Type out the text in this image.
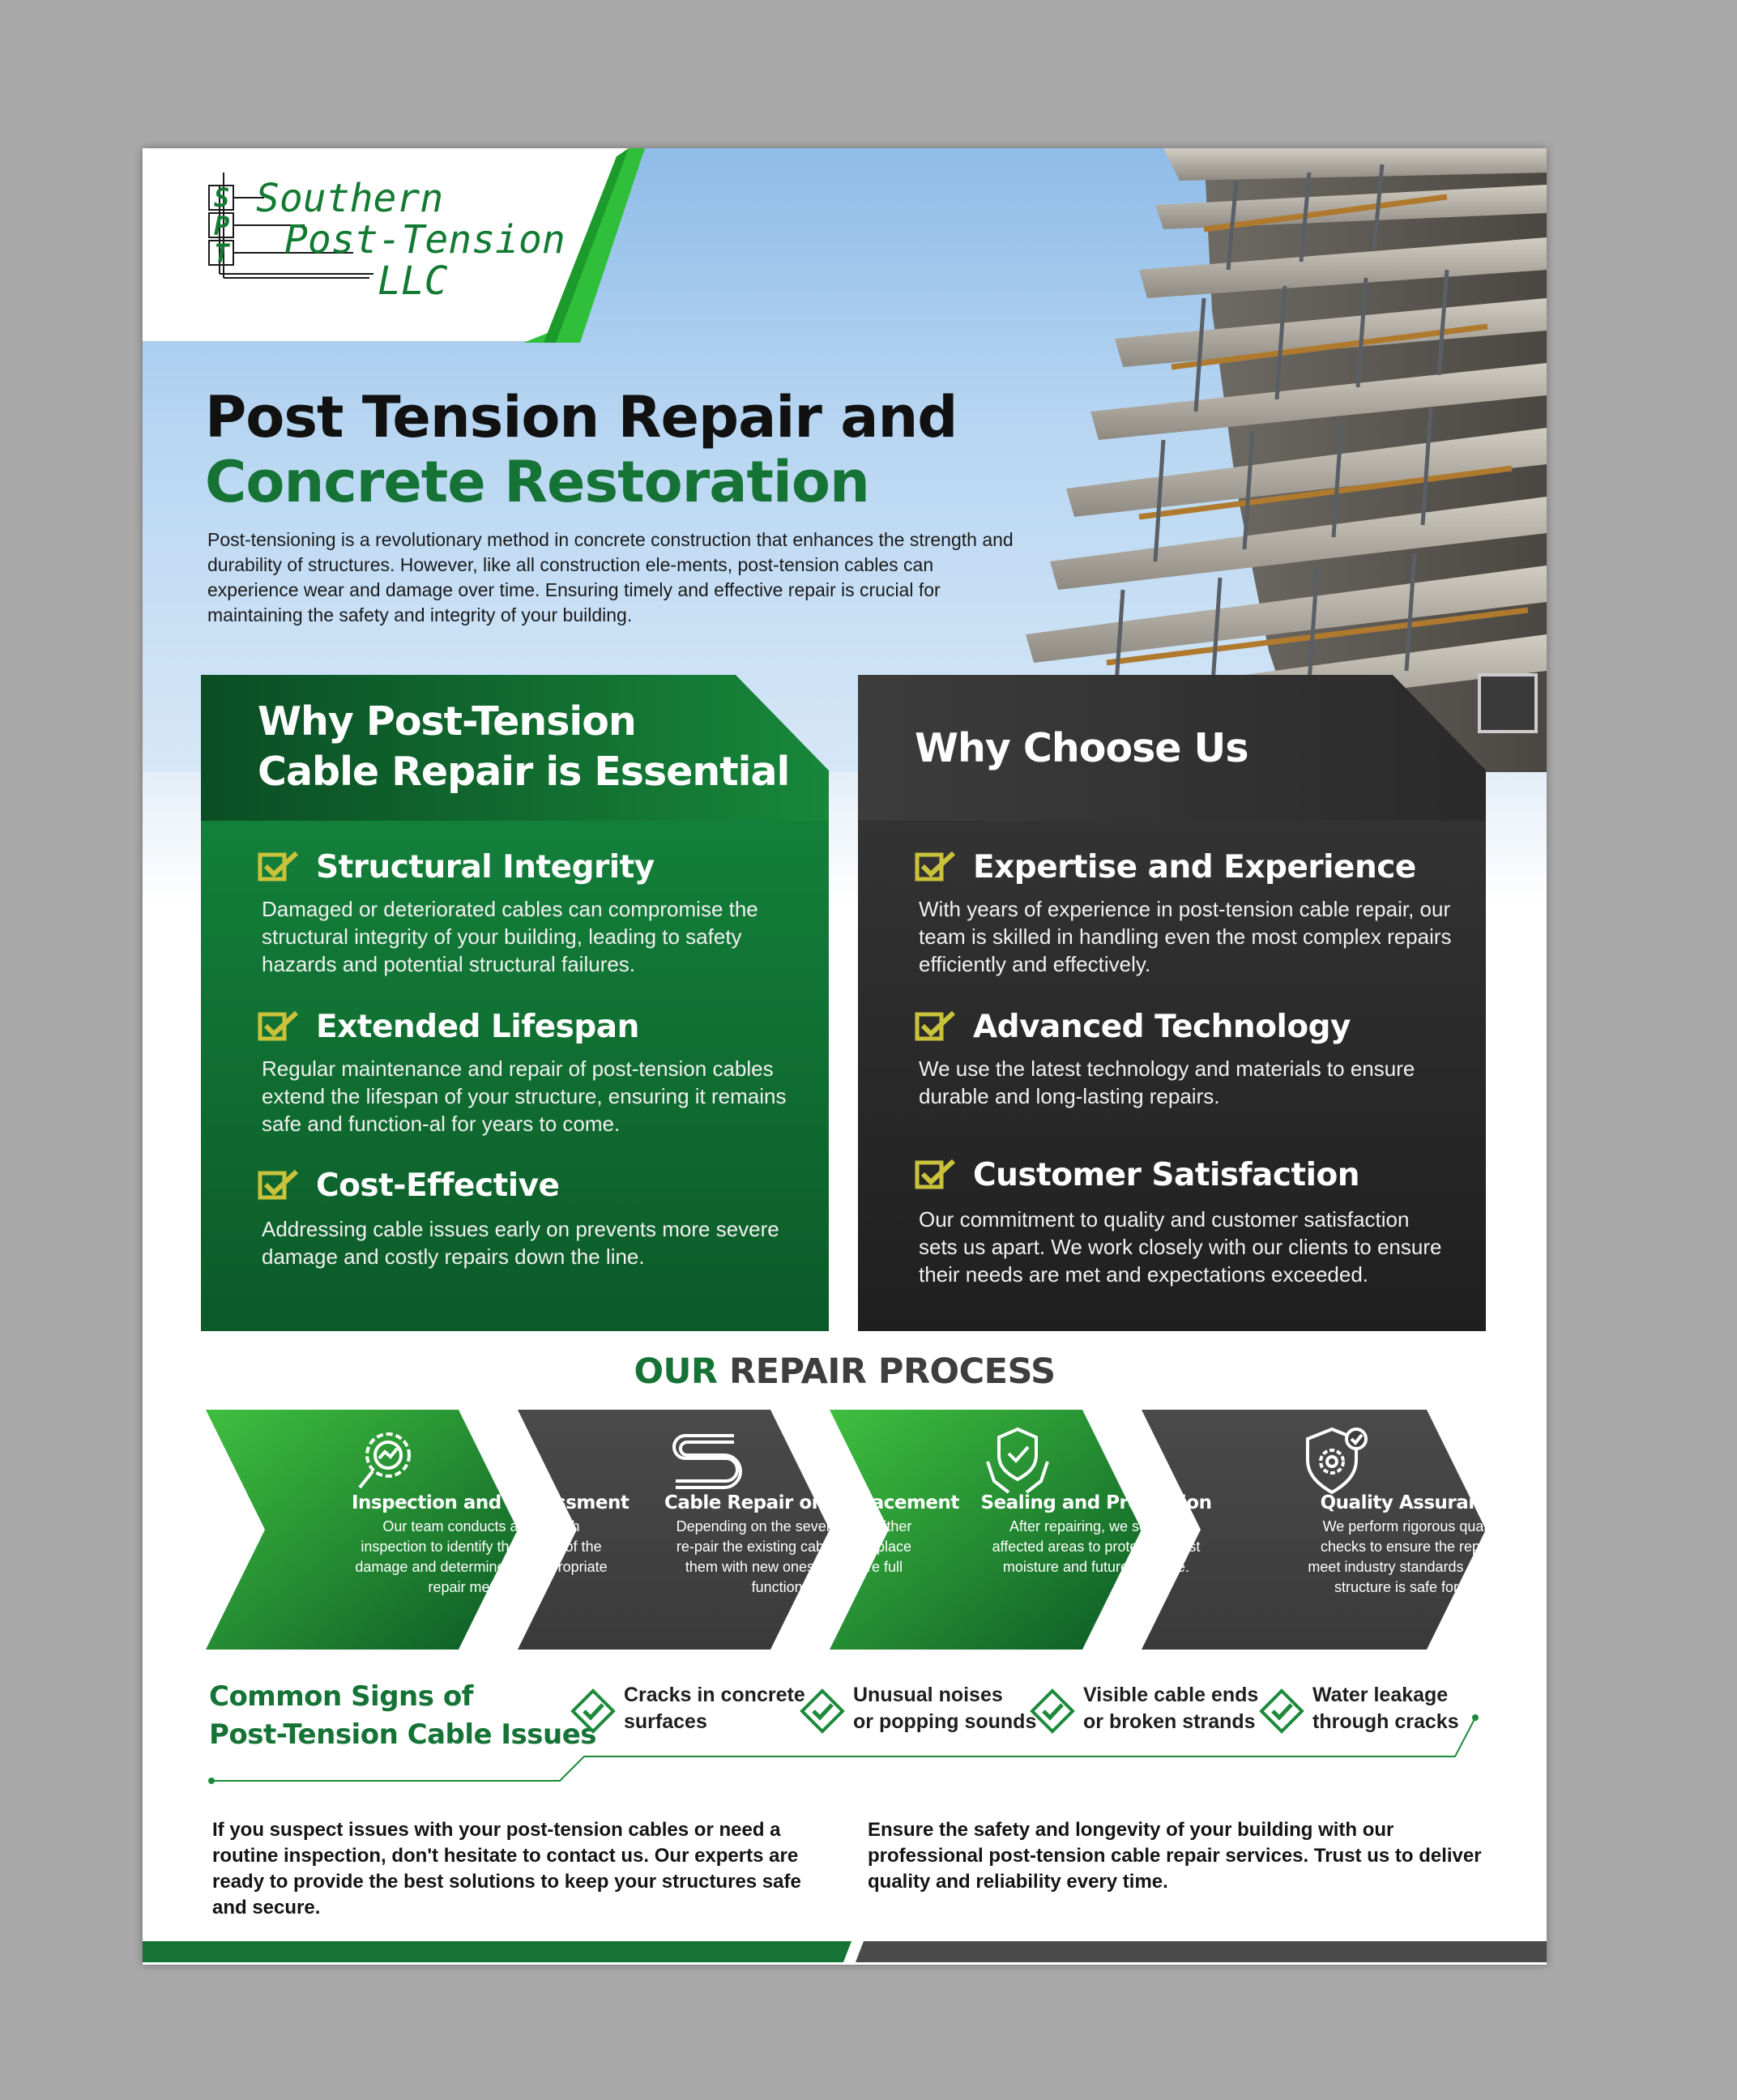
S
P
T
Southern
Post-Tension
LLC
Post Tension Repair and
Concrete Restoration
Post-tensioning is a revolutionary method in concrete construction that enhances the strength and durability of structures. However, like all construction ele-ments, post-tension cables can experience wear and damage over time. Ensuring timely and effective repair is crucial for maintaining the safety and integrity of your building.
Why Post-Tension
Cable Repair is Essential
Structural Integrity
Damaged or deteriorated cables can compromise the structural integrity of your building, leading to safety hazards and potential structural failures.
Extended Lifespan
Regular maintenance and repair of post-tension cables extend the lifespan of your structure, ensuring it remains safe and function-al for years to come.
Cost-Effective
Addressing cable issues early on prevents more severe damage and costly repairs down the line.
Why Choose Us
Expertise and Experience
With years of experience in post-tension cable repair, our team is skilled in handling even the most complex repairs efficiently and effectively.
Advanced Technology
We use the latest technology and materials to ensure durable and long-lasting repairs.
Customer Satisfaction
Our commitment to quality and customer satisfaction sets us apart. We work closely with our clients to ensure their needs are met and expectations exceeded.
OUR REPAIR PROCESS
Inspection and Assessment
Our team conducts a thorough inspection to identify the extent of the damage and determine the appropriate repair meth-ods.
Cable Repair or Replacement
Depending on the severity, we either re-pair the existing cables or replace them with new ones to restore full functional-ity.
Sealing and Protection
After repairing, we seal the affected areas to protect against moisture and future damage.
Quality Assurance
We perform rigorous quality checks to ensure the repairs meet industry standards and the structure is safe for use.
Common Signs of
Post-Tension Cable Issues
Cracks in concrete
surfaces
Unusual noises
or popping sounds
Visible cable ends
or broken strands
Water leakage
through cracks
If you suspect issues with your post-tension cables or need a routine inspection, don't hesitate to contact us. Our experts are ready to provide the best solutions to keep your structures safe and secure.
Ensure the safety and longevity of your building with our professional post-tension cable repair services. Trust us to deliver quality and reliability every time.
